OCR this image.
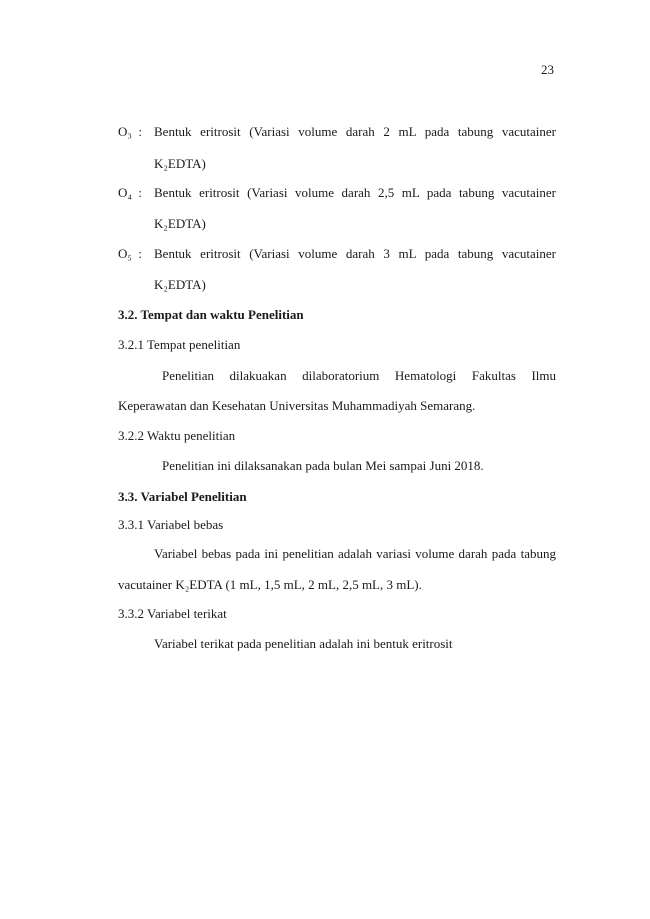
23
O₃ : Bentuk eritrosit (Variasi volume darah 2 mL pada tabung vacutainer
K₂EDTA)
O₄ : Bentuk eritrosit (Variasi volume darah 2,5 mL pada tabung vacutainer
K₂EDTA)
O₅ : Bentuk eritrosit (Variasi volume darah 3 mL pada tabung vacutainer
K₂EDTA)
3.2. Tempat dan waktu Penelitian
3.2.1 Tempat penelitian
Penelitian dilakuakan dilaboratorium Hematologi Fakultas Ilmu
Keperawatan dan Kesehatan Universitas Muhammadiyah Semarang.
3.2.2 Waktu penelitian
Penelitian ini dilaksanakan pada bulan Mei sampai Juni 2018.
3.3. Variabel Penelitian
3.3.1 Variabel bebas
Variabel bebas pada ini penelitian adalah variasi volume darah pada tabung
vacutainer K₂EDTA (1 mL, 1,5 mL, 2 mL, 2,5 mL, 3 mL).
3.3.2 Variabel terikat
Variabel terikat pada penelitian adalah ini bentuk eritrosit
